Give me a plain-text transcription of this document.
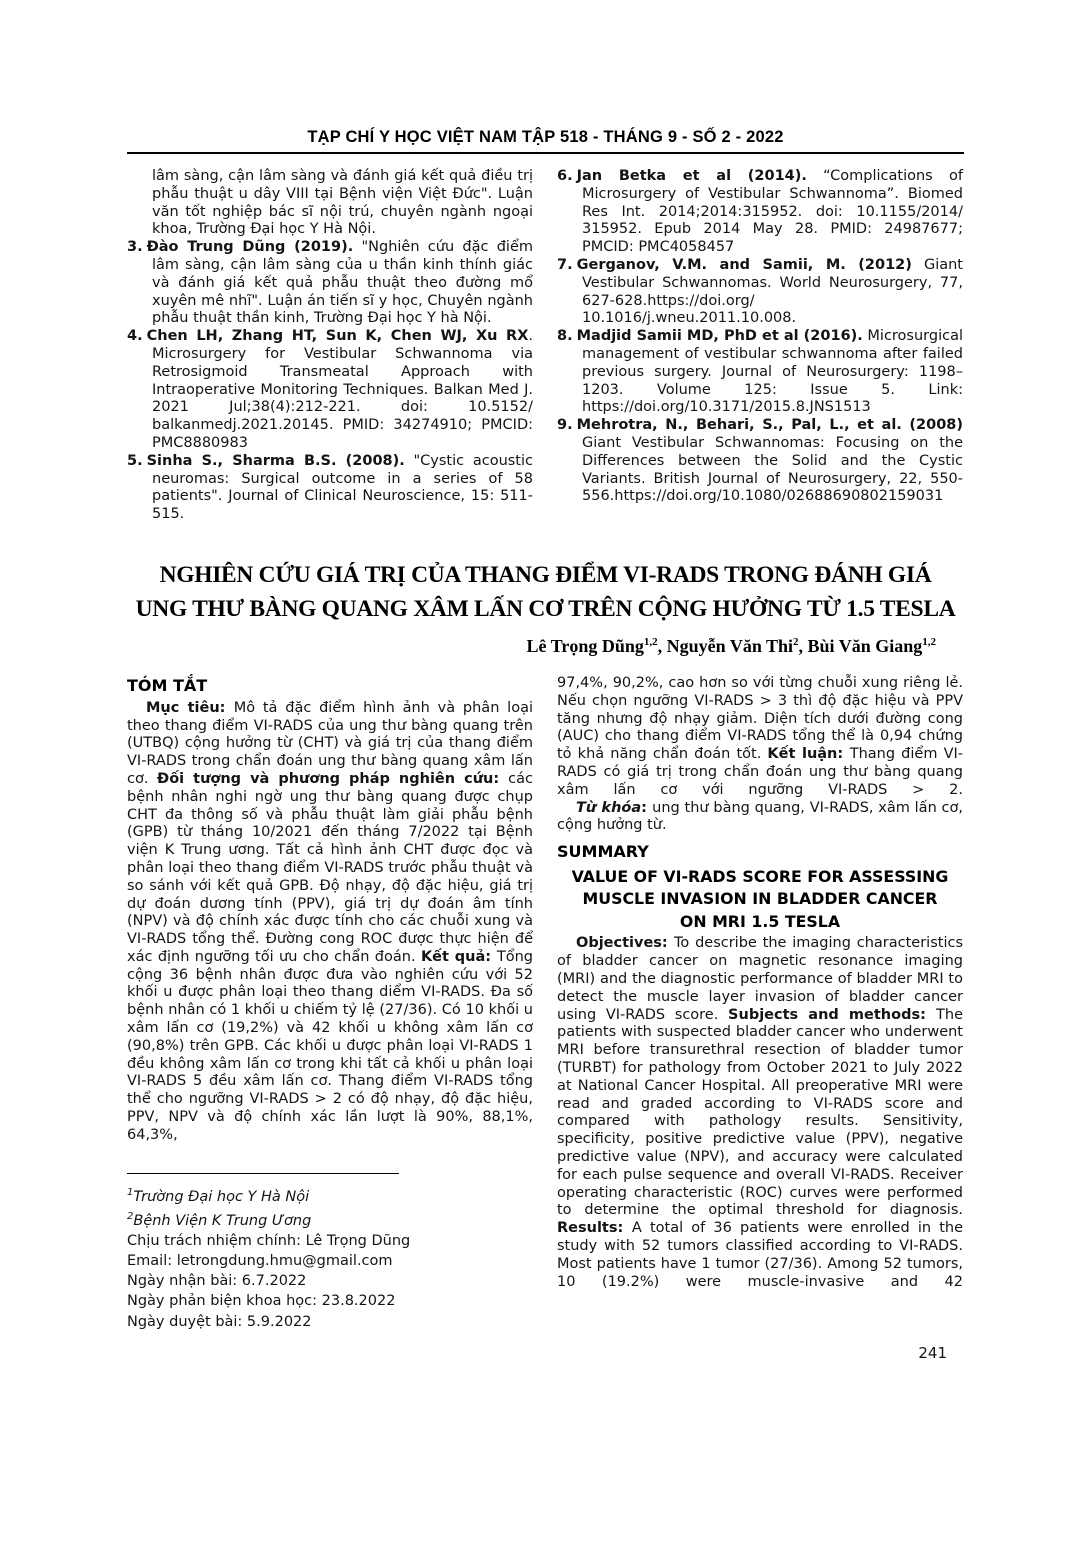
TẠP CHÍ Y HỌC VIỆT NAM TẬP 518 - THÁNG 9 - SỐ 2 - 2022

lâm sàng, cận lâm sàng và đánh giá kết quả điều trị phẫu thuật u dây VIII tại Bệnh viện Việt Đức". Luận văn tốt nghiệp bác sĩ nội trú, chuyên ngành ngoại khoa, Trường Đại học Y Hà Nội.

3. Đào Trung Dũng (2019). "Nghiên cứu đặc điểm lâm sàng, cận lâm sàng của u thần kinh thính giác và đánh giá kết quả phẫu thuật theo đường mổ xuyên mê nhĩ". Luận án tiến sĩ y học, Chuyên ngành phẫu thuật thần kinh, Trường Đại học Y hà Nội.
4. Chen LH, Zhang HT, Sun K, Chen WJ, Xu RX. Microsurgery for Vestibular Schwannoma via Retrosigmoid Transmeatal Approach with Intraoperative Monitoring Techniques. Balkan Med J. 2021 Jul;38(4):212-221. doi: 10.5152/ balkanmedj.2021.20145. PMID: 34274910; PMCID: PMC8880983
5. Sinha S., Sharma B.S. (2008). "Cystic acoustic neuromas: Surgical outcome in a series of 58 patients". Journal of Clinical Neuroscience, 15: 511-515.
6. Jan Betka et al (2014). “Complications of Microsurgery of Vestibular Schwannoma”. Biomed Res Int. 2014;2014:315952. doi: 10.1155/2014/ 315952. Epub 2014 May 28. PMID: 24987677; PMCID: PMC4058457
7. Gerganov, V.M. and Samii, M. (2012) Giant Vestibular Schwannomas. World Neurosurgery, 77, 627-628.https://doi.org/ 10.1016/j.wneu.2011.10.008.
8. Madjid Samii MD, PhD et al (2016). Microsurgical management of vestibular schwannoma after failed previous surgery. Journal of Neurosurgery: 1198–1203. Volume 125: Issue 5. Link: https://doi.org/10.3171/2015.8.JNS1513
9. Mehrotra, N., Behari, S., Pal, L., et al. (2008) Giant Vestibular Schwannomas: Focusing on the Differences between the Solid and the Cystic Variants. British Journal of Neurosurgery, 22, 550-556.https://doi.org/10.1080/02688690802159031
NGHIÊN CỨU GIÁ TRỊ CỦA THANG ĐIỂM VI-RADS TRONG ĐÁNH GIÁ
UNG THƯ BÀNG QUANG XÂM LẤN CƠ TRÊN CỘNG HƯỞNG TỪ 1.5 TESLA
Lê Trọng Dũng$^{1,2}$, Nguyễn Văn Thi$^2$, Bùi Văn Giang$^{1,2}$
TÓM TẮT

Mục tiêu: Mô tả đặc điểm hình ảnh và phân loại theo thang điểm VI-RADS của ung thư bàng quang trên (UTBQ) cộng hưởng từ (CHT) và giá trị của thang điểm VI-RADS trong chẩn đoán ung thư bàng quang xâm lấn cơ. Đối tượng và phương pháp nghiên cứu: các bệnh nhân nghi ngờ ung thư bàng quang được chụp CHT đa thông số và phẫu thuật làm giải phẫu bệnh (GPB) từ tháng 10/2021 đến tháng 7/2022 tại Bệnh viện K Trung ương. Tất cả hình ảnh CHT được đọc và phân loại theo thang điểm VI-RADS trước phẫu thuật và so sánh với kết quả GPB. Độ nhạy, độ đặc hiệu, giá trị dự đoán dương tính (PPV), giá trị dự đoán âm tính (NPV) và độ chính xác được tính cho các chuỗi xung và VI-RADS tổng thể. Đường cong ROC được thực hiện để xác định ngưỡng tối ưu cho chẩn đoán. Kết quả: Tổng cộng 36 bệnh nhân được đưa vào nghiên cứu với 52 khối u được phân loại theo thang diểm VI-RADS. Đa số bệnh nhân có 1 khối u chiếm tỷ lệ (27/36). Có 10 khối u xâm lấn cơ (19,2%) và 42 khối u không xâm lấn cơ (90,8%) trên GPB. Các khối u được phân loại VI-RADS 1 đều không xâm lấn cơ trong khi tất cả khối u phân loại VI-RADS 5 đều xâm lấn cơ. Thang điểm VI-RADS tổng thể cho ngưỡng VI-RADS > 2 có độ nhạy, độ đặc hiệu, PPV, NPV và độ chính xác lần lượt là 90%, 88,1%, 64,3%,

$^1$Trường Đại học Y Hà Nội
$^2$Bệnh Viện K Trung Ương
Chịu trách nhiệm chính: Lê Trọng Dũng
Email: letrongdung.hmu@gmail.com
Ngày nhận bài: 6.7.2022
Ngày phản biện khoa học: 23.8.2022
Ngày duyệt bài: 5.9.2022

97,4%, 90,2%, cao hơn so với từng chuỗi xung riêng lẻ. Nếu chọn ngưỡng VI-RADS > 3 thì độ đặc hiệu và PPV tăng nhưng độ nhạy giảm. Diện tích dưới đường cong (AUC) cho thang điểm VI-RADS tổng thể là 0,94 chứng tỏ khả năng chẩn đoán tốt. Kết luận: Thang điểm VI-RADS có giá trị trong chẩn đoán ung thư bàng quang xâm lấn cơ với ngưỡng VI-RADS > 2.

Từ khóa: ung thư bàng quang, VI-RADS, xâm lấn cơ, cộng hưởng từ.

SUMMARY
VALUE OF VI-RADS SCORE FOR ASSESSING
MUSCLE INVASION IN BLADDER CANCER
ON MRI 1.5 TESLA

Objectives: To describe the imaging characteristics of bladder cancer on magnetic resonance imaging (MRI) and the diagnostic performance of bladder MRI to detect the muscle layer invasion of bladder cancer using VI-RADS score. Subjects and methods: The patients with suspected bladder cancer who underwent MRI before transurethral resection of bladder tumor (TURBT) for pathology from October 2021 to July 2022 at National Cancer Hospital. All preoperative MRI were read and graded according to VI-RADS score and compared with pathology results. Sensitivity, specificity, positive predictive value (PPV), negative predictive value (NPV), and accuracy were calculated for each pulse sequence and overall VI-RADS. Receiver operating characteristic (ROC) curves were performed to determine the optimal threshold for diagnosis. Results: A total of 36 patients were enrolled in the study with 52 tumors classified according to VI-RADS. Most patients have 1 tumor (27/36). Among 52 tumors, 10 (19.2%) were muscle-invasive and 42

241
